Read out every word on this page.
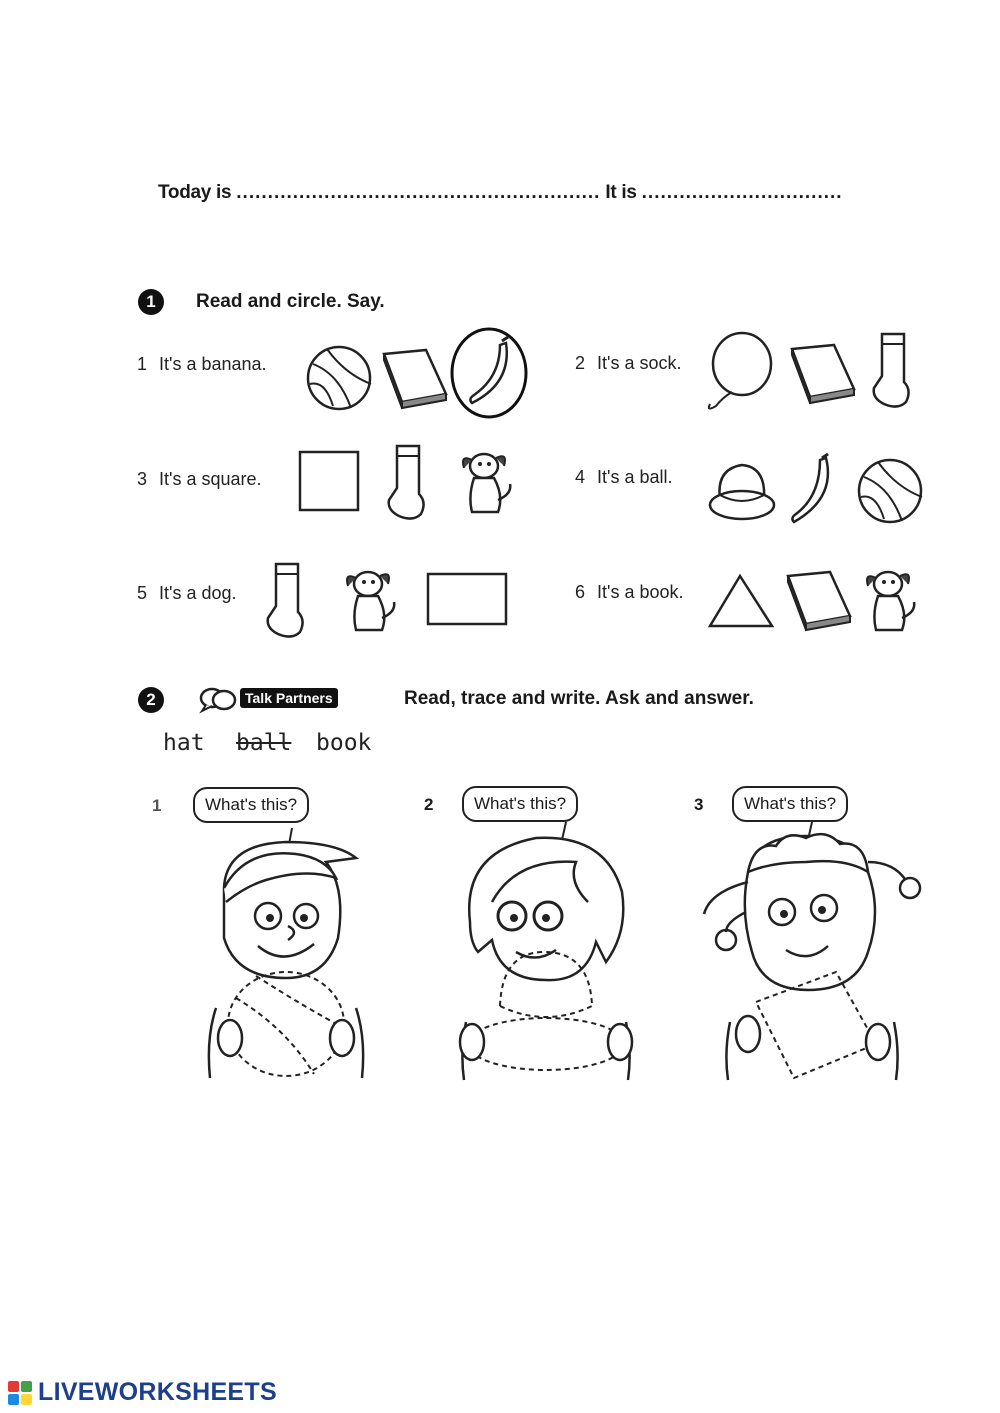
Today is .......................................................... It is ................................
1	Read and circle. Say.
1 It's a banana.	2 It's a sock.
3 It's a square.	4 It's a ball.
5 It's a dog.	6 It's a book.
2	Talk Partners	Read, trace and write. Ask and answer.
hat ball book
1	What's this?	2	What's this?	3	What's this?
LIVEWORKSHEETS
